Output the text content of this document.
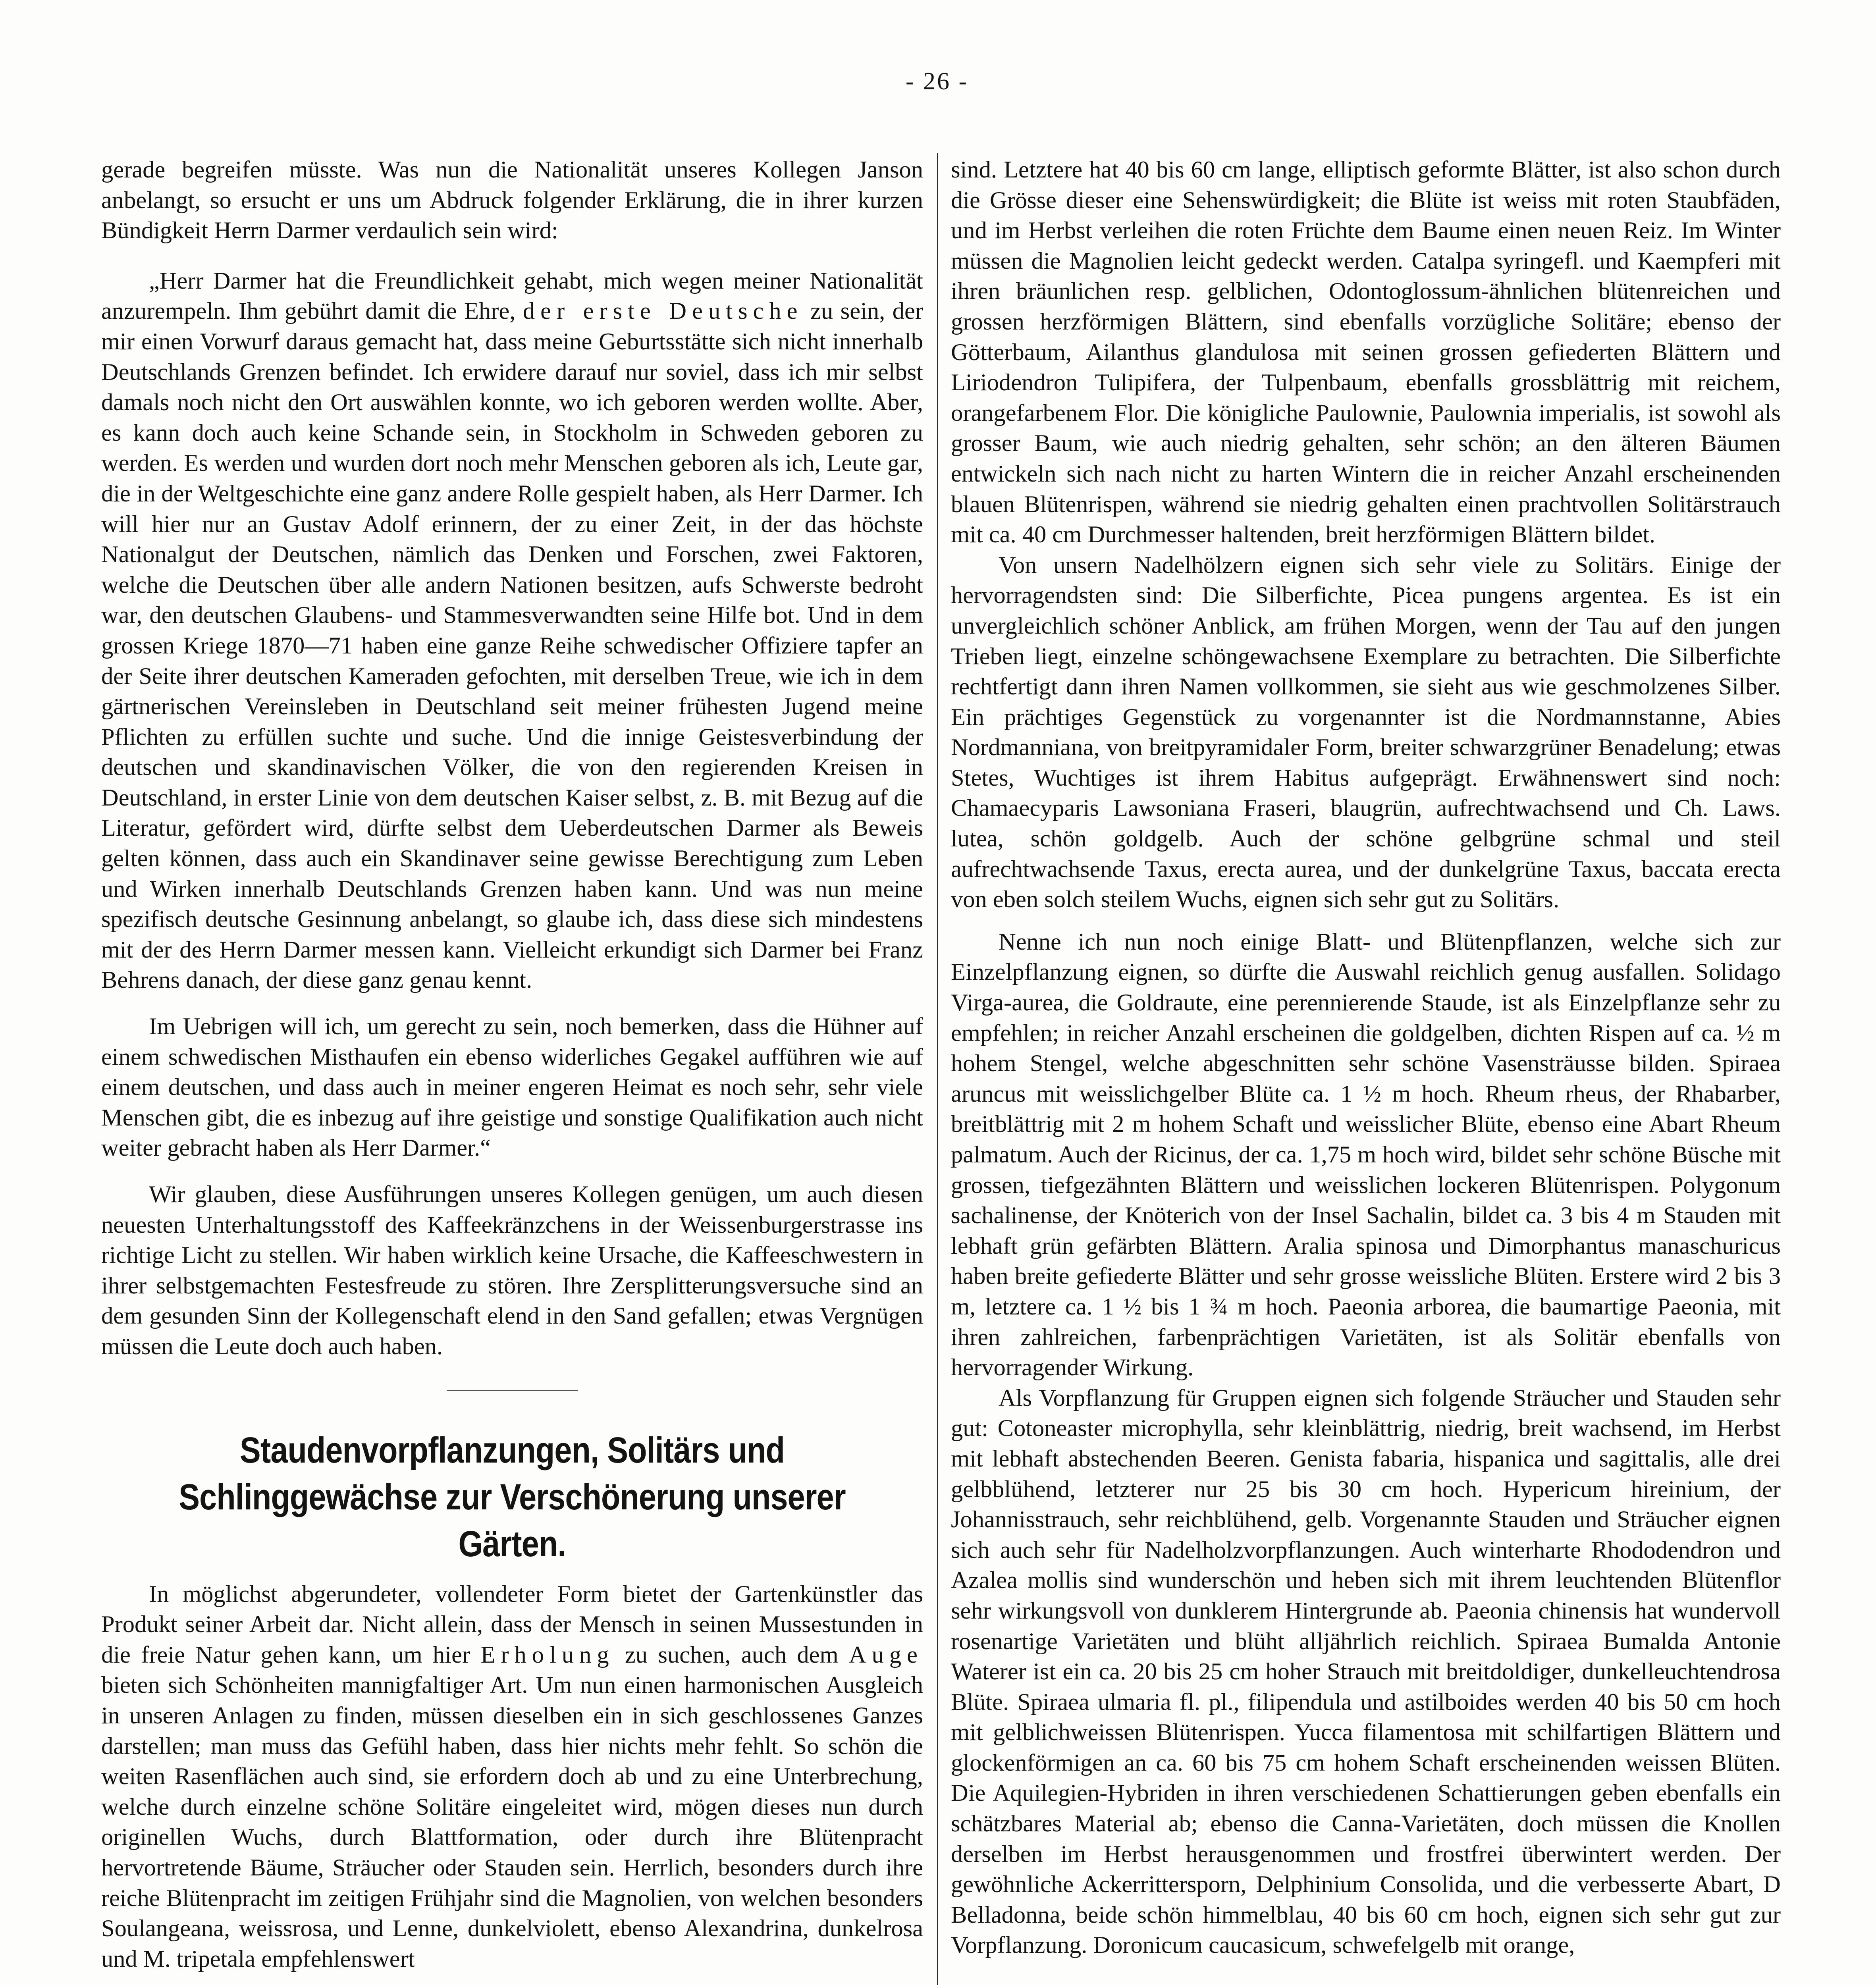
- 26 -

gerade begreifen müsste. Was nun die Nationalität unseres Kollegen Janson anbelangt, so ersucht er uns um Abdruck folgender Erklärung, die in ihrer kurzen Bündigkeit Herrn Darmer verdaulich sein wird:

„Herr Darmer hat die Freundlichkeit gehabt, mich wegen meiner Nationalität anzurempeln. Ihm gebührt damit die Ehre, der erste Deutsche zu sein, der mir einen Vorwurf daraus gemacht hat, dass meine Geburtsstätte sich nicht innerhalb Deutschlands Grenzen befindet. Ich erwidere darauf nur soviel, dass ich mir selbst damals noch nicht den Ort auswählen konnte, wo ich geboren werden wollte. Aber, es kann doch auch keine Schande sein, in Stockholm in Schweden geboren zu werden. Es werden und wurden dort noch mehr Menschen geboren als ich, Leute gar, die in der Weltgeschichte eine ganz andere Rolle gespielt haben, als Herr Darmer. Ich will hier nur an Gustav Adolf erinnern, der zu einer Zeit, in der das höchste Nationalgut der Deutschen, nämlich das Denken und Forschen, zwei Faktoren, welche die Deutschen über alle andern Nationen besitzen, aufs Schwerste bedroht war, den deutschen Glaubens- und Stammesverwandten seine Hilfe bot. Und in dem grossen Kriege 1870—71 haben eine ganze Reihe schwedischer Offiziere tapfer an der Seite ihrer deutschen Kameraden gefochten, mit derselben Treue, wie ich in dem gärtnerischen Vereinsleben in Deutschland seit meiner frühesten Jugend meine Pflichten zu erfüllen suchte und suche. Und die innige Geistesverbindung der deutschen und skandinavischen Völker, die von den regierenden Kreisen in Deutschland, in erster Linie von dem deutschen Kaiser selbst, z. B. mit Bezug auf die Literatur, gefördert wird, dürfte selbst dem Ueberdeutschen Darmer als Beweis gelten können, dass auch ein Skandinaver seine gewisse Berechtigung zum Leben und Wirken innerhalb Deutschlands Grenzen haben kann. Und was nun meine spezifisch deutsche Gesinnung anbelangt, so glaube ich, dass diese sich mindestens mit der des Herrn Darmer messen kann. Vielleicht erkundigt sich Darmer bei Franz Behrens danach, der diese ganz genau kennt.

Im Uebrigen will ich, um gerecht zu sein, noch bemerken, dass die Hühner auf einem schwedischen Misthaufen ein ebenso widerliches Gegakel aufführen wie auf einem deutschen, und dass auch in meiner engeren Heimat es noch sehr, sehr viele Menschen gibt, die es inbezug auf ihre geistige und sonstige Qualifikation auch nicht weiter gebracht haben als Herr Darmer.“

Wir glauben, diese Ausführungen unseres Kollegen genügen, um auch diesen neuesten Unterhaltungsstoff des Kaffeekränzchens in der Weissenburgerstrasse ins richtige Licht zu stellen. Wir haben wirklich keine Ursache, die Kaffeeschwestern in ihrer selbstgemachten Festesfreude zu stören. Ihre Zersplitterungsversuche sind an dem gesunden Sinn der Kollegenschaft elend in den Sand gefallen; etwas Vergnügen müssen die Leute doch auch haben.

Staudenvorpflanzungen, Solitärs und Schlinggewächse zur Verschönerung unserer Gärten.

In möglichst abgerundeter, vollendeter Form bietet der Gartenkünstler das Produkt seiner Arbeit dar. Nicht allein, dass der Mensch in seinen Mussestunden in die freie Natur gehen kann, um hier Erholung zu suchen, auch dem Auge bieten sich Schönheiten mannigfaltiger Art. Um nun einen harmonischen Ausgleich in unseren Anlagen zu finden, müssen dieselben ein in sich geschlossenes Ganzes darstellen; man muss das Gefühl haben, dass hier nichts mehr fehlt. So schön die weiten Rasenflächen auch sind, sie erfordern doch ab und zu eine Unterbrechung, welche durch einzelne schöne Solitäre eingeleitet wird, mögen dieses nun durch originellen Wuchs, durch Blattformation, oder durch ihre Blütenpracht hervortretende Bäume, Sträucher oder Stauden sein. Herrlich, besonders durch ihre reiche Blütenpracht im zeitigen Frühjahr sind die Magnolien, von welchen besonders Soulangeana, weissrosa, und Lenne, dunkelviolett, ebenso Alexandrina, dunkelrosa und M. tripetala empfehlenswert

sind. Letztere hat 40 bis 60 cm lange, elliptisch geformte Blätter, ist also schon durch die Grösse dieser eine Sehenswürdigkeit; die Blüte ist weiss mit roten Staubfäden, und im Herbst verleihen die roten Früchte dem Baume einen neuen Reiz. Im Winter müssen die Magnolien leicht gedeckt werden. Catalpa syringefl. und Kaempferi mit ihren bräunlichen resp. gelblichen, Odontoglossum-ähnlichen blütenreichen und grossen herzförmigen Blättern, sind ebenfalls vorzügliche Solitäre; ebenso der Götterbaum, Ailanthus glandulosa mit seinen grossen gefiederten Blättern und Liriodendron Tulipifera, der Tulpenbaum, ebenfalls grossblättrig mit reichem, orangefarbenem Flor. Die königliche Paulownie, Paulownia imperialis, ist sowohl als grosser Baum, wie auch niedrig gehalten, sehr schön; an den älteren Bäumen entwickeln sich nach nicht zu harten Wintern die in reicher Anzahl erscheinenden blauen Blütenrispen, während sie niedrig gehalten einen prachtvollen Solitärstrauch mit ca. 40 cm Durchmesser haltenden, breit herzförmigen Blättern bildet.

Von unsern Nadelhölzern eignen sich sehr viele zu Solitärs. Einige der hervorragendsten sind: Die Silberfichte, Picea pungens argentea. Es ist ein unvergleichlich schöner Anblick, am frühen Morgen, wenn der Tau auf den jungen Trieben liegt, einzelne schöngewachsene Exemplare zu betrachten. Die Silberfichte rechtfertigt dann ihren Namen vollkommen, sie sieht aus wie geschmolzenes Silber. Ein prächtiges Gegenstück zu vorgenannter ist die Nordmannstanne, Abies Nordmanniana, von breitpyramidaler Form, breiter schwarzgrüner Benadelung; etwas Stetes, Wuchtiges ist ihrem Habitus aufgeprägt. Erwähnenswert sind noch: Chamaecyparis Lawsoniana Fraseri, blaugrün, aufrechtwachsend und Ch. Laws. lutea, schön goldgelb. Auch der schöne gelbgrüne schmal und steil aufrechtwachsende Taxus, erecta aurea, und der dunkelgrüne Taxus, baccata erecta von eben solch steilem Wuchs, eignen sich sehr gut zu Solitärs.

Nenne ich nun noch einige Blatt- und Blütenpflanzen, welche sich zur Einzelpflanzung eignen, so dürfte die Auswahl reichlich genug ausfallen. Solidago Virga-aurea, die Goldraute, eine perennierende Staude, ist als Einzelpflanze sehr zu empfehlen; in reicher Anzahl erscheinen die goldgelben, dichten Rispen auf ca. ½ m hohem Stengel, welche abgeschnitten sehr schöne Vasensträusse bilden. Spiraea aruncus mit weisslichgelber Blüte ca. 1 ½ m hoch. Rheum rheus, der Rhabarber, breitblättrig mit 2 m hohem Schaft und weisslicher Blüte, ebenso eine Abart Rheum palmatum. Auch der Ricinus, der ca. 1,75 m hoch wird, bildet sehr schöne Büsche mit grossen, tiefgezähnten Blättern und weisslichen lockeren Blütenrispen. Polygonum sachalinense, der Knöterich von der Insel Sachalin, bildet ca. 3 bis 4 m Stauden mit lebhaft grün gefärbten Blättern. Aralia spinosa und Dimorphantus manaschuricus haben breite gefiederte Blätter und sehr grosse weissliche Blüten. Erstere wird 2 bis 3 m, letztere ca. 1 ½ bis 1 ¾ m hoch. Paeonia arborea, die baumartige Paeonia, mit ihren zahlreichen, farbenprächtigen Varietäten, ist als Solitär ebenfalls von hervorragender Wirkung.

Als Vorpflanzung für Gruppen eignen sich folgende Sträucher und Stauden sehr gut: Cotoneaster microphylla, sehr kleinblättrig, niedrig, breit wachsend, im Herbst mit lebhaft abstechenden Beeren. Genista fabaria, hispanica und sagittalis, alle drei gelbblühend, letzterer nur 25 bis 30 cm hoch. Hypericum hireinium, der Johannisstrauch, sehr reichblühend, gelb. Vorgenannte Stauden und Sträucher eignen sich auch sehr für Nadelholzvorpflanzungen. Auch winterharte Rhododendron und Azalea mollis sind wunderschön und heben sich mit ihrem leuchtenden Blütenflor sehr wirkungsvoll von dunklerem Hintergrunde ab. Paeonia chinensis hat wundervoll rosenartige Varietäten und blüht alljährlich reichlich. Spiraea Bumalda Antonie Waterer ist ein ca. 20 bis 25 cm hoher Strauch mit breitdoldiger, dunkelleuchtendrosa Blüte. Spiraea ulmaria fl. pl., filipendula und astilboides werden 40 bis 50 cm hoch mit gelblichweissen Blütenrispen. Yucca filamentosa mit schilfartigen Blättern und glockenförmigen an ca. 60 bis 75 cm hohem Schaft erscheinenden weissen Blüten. Die Aquilegien-Hybriden in ihren verschiedenen Schattierungen geben ebenfalls ein schätzbares Material ab; ebenso die Canna-Varietäten, doch müssen die Knollen derselben im Herbst herausgenommen und frostfrei überwintert werden. Der gewöhnliche Ackerrittersporn, Delphinium Consolida, und die verbesserte Abart, D Belladonna, beide schön himmelblau, 40 bis 60 cm hoch, eignen sich sehr gut zur Vorpflanzung. Doronicum caucasicum, schwefelgelb mit orange,
